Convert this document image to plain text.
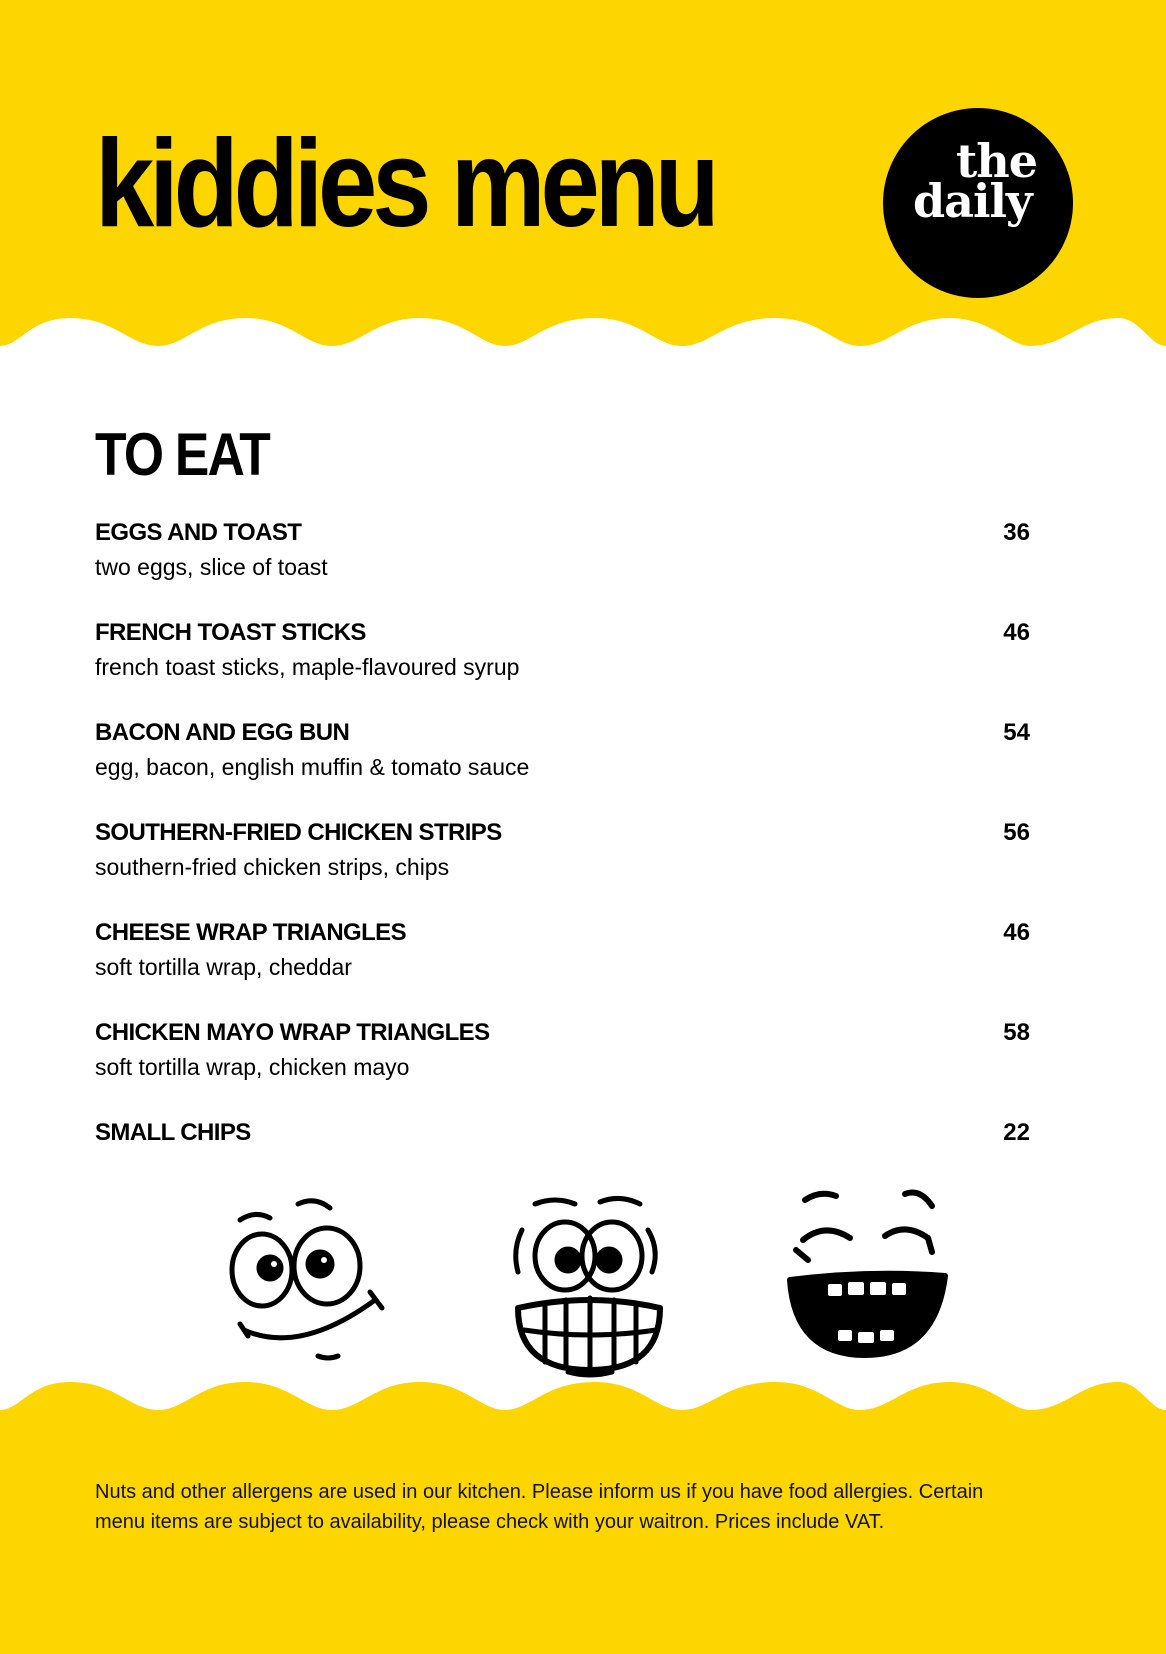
kiddies menu	the
daily
TO EAT
EGGS AND TOAST	36
two eggs, slice of toast
FRENCH TOAST STICKS	46
french toast sticks, maple-flavoured syrup
BACON AND EGG BUN	54
egg, bacon, english muffin & tomato sauce
SOUTHERN-FRIED CHICKEN STRIPS	56
southern-fried chicken strips, chips
CHEESE WRAP TRIANGLES	46
soft tortilla wrap, cheddar
CHICKEN MAYO WRAP TRIANGLES	58
soft tortilla wrap, chicken mayo
SMALL CHIPS	22
Nuts and other allergens are used in our kitchen. Please inform us if you have food allergies. Certain menu items are subject to availability, please check with your waitron. Prices include VAT.
